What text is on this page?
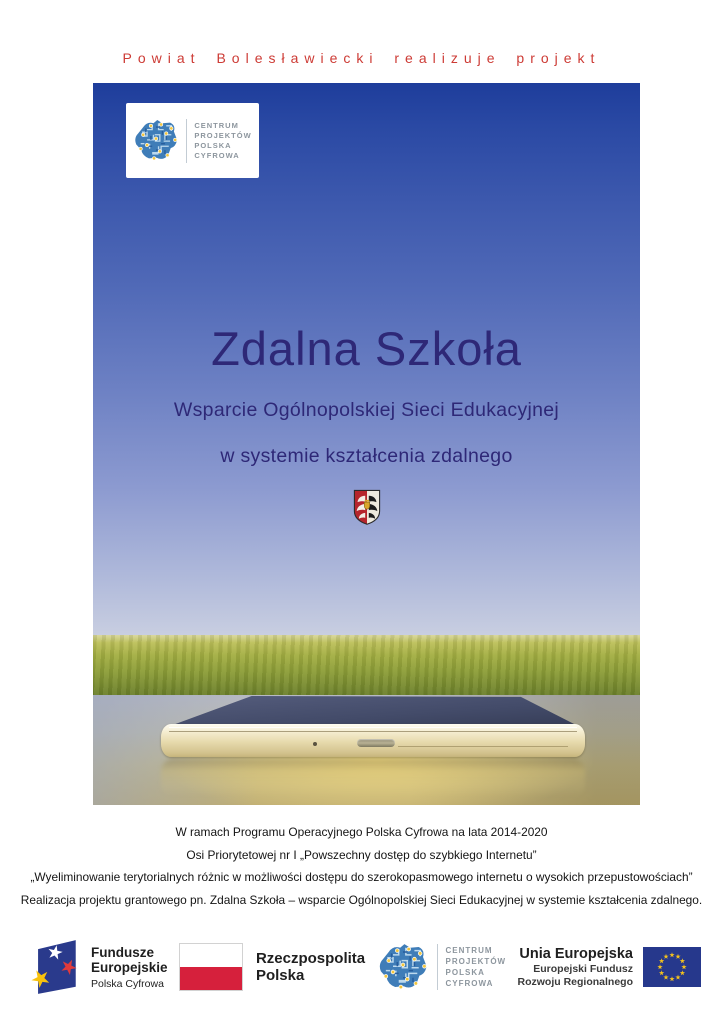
Powiat Bolesławiecki realizuje projekt
CENTRUM
PROJEKTÓW
POLSKA
CYFROWA
Zdalna Szkoła
Wsparcie Ogólnopolskiej Sieci Edukacyjnej
w systemie kształcenia zdalnego

W ramach Programu Operacyjnego Polska Cyfrowa na lata 2014-2020

Osi Priorytetowej nr I „Powszechny dostęp do szybkiego Internetu”

„Wyeliminowanie terytorialnych różnic w możliwości dostępu do szerokopasmowego internetu o wysokich przepustowościach”

Realizacja projektu grantowego pn. Zdalna Szkoła – wsparcie Ogólnopolskiej Sieci Edukacyjnej w systemie kształcenia zdalnego.

Fundusze
Europejskie
Polska Cyfrowa
Rzeczpospolita
Polska
CENTRUM
PROJEKTÓW
POLSKA
CYFROWA
Unia Europejska
Europejski Fundusz
Rozwoju Regionalnego
